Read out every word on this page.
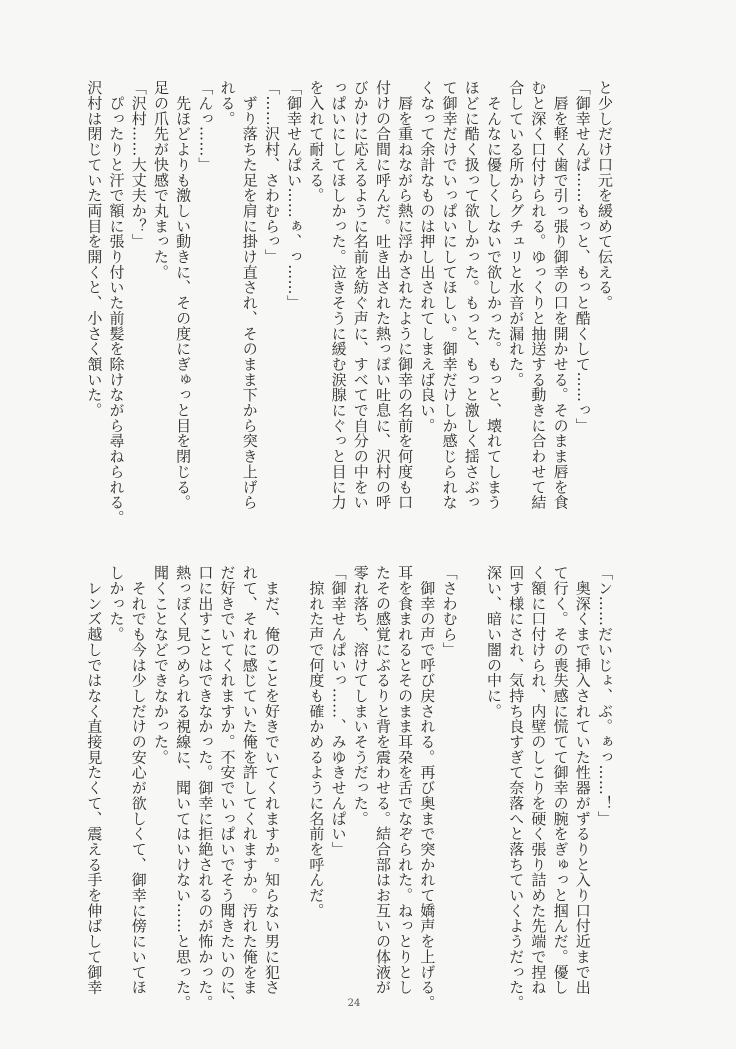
と少しだけ口元を緩めて伝える。
「御幸せんぱ……もっと、もっと酷くして……っ」
　唇を軽く歯で引っ張り御幸の口を開かせる。そのまま唇を食
むと深く口付けられる。ゆっくりと抽送する動きに合わせて結
合している所からグチュリと水音が漏れた。
　そんなに優しくしないで欲しかった。もっと、壊れてしまう
ほどに酷く扱って欲しかった。もっと、もっと激しく揺さぶっ
て御幸だけでいっぱいにしてほしい。御幸だけしか感じられな
くなって余計なものは押し出されてしまえば良い。
　唇を重ねながら熱に浮かされたように御幸の名前を何度も口
付けの合間に呼んだ。吐き出された熱っぽい吐息に、沢村の呼
びかけに応えるように名前を紡ぐ声に、すべてで自分の中をい
っぱいにしてほしかった。泣きそうに緩む涙腺にぐっと目に力
を入れて耐える。
「御幸せんぱい……ぁ、っ……」
「……沢村、さわむらっ」
　ずり落ちた足を肩に掛け直され、そのまま下から突き上げら
れる。
「んっ……」
　先ほどよりも激しい動きに、その度にぎゅっと目を閉じる。
足の爪先が快感で丸まった。
「沢村……大丈夫か？」
　ぴったりと汗で額に張り付いた前髪を除けながら尋ねられる。
沢村は閉じていた両目を開くと、小さく頷いた。
「ン……だいじょ、ぶ。ぁっ……！」
　奥深くまで挿入されていた性器がずるりと入り口付近まで出
て行く。その喪失感に慌てて御幸の腕をぎゅっと掴んだ。優し
く額に口付けられ、内壁のしこりを硬く張り詰めた先端で捏ね
回す様にされ、気持ち良すぎて奈落へと落ちていくようだった。
深い、暗い闇の中に。
「さわむら」
　御幸の声で呼び戻される。再び奥まで突かれて嬌声を上げる。
耳を食まれるとそのまま耳朶を舌でなぞられた。ねっとりとし
たその感覚にぶるりと背を震わせる。結合部はお互いの体液が
零れ落ち、溶けてしまいそうだった。
「御幸せんぱいっ……、みゆきせんぱい」
　掠れた声で何度も確かめるように名前を呼んだ。
　まだ、俺のことを好きでいてくれますか。知らない男に犯さ
れて、それに感じていた俺を許してくれますか。汚れた俺をま
だ好きでいてくれますか。不安でいっぱいでそう聞きたいのに、
口に出すことはできなかった。御幸に拒絶されるのが怖かった。
熱っぽく見つめられる視線に、聞いてはいけない……と思った。
聞くことなどできなかった。
　それでも今は少しだけの安心が欲しくて、御幸に傍にいてほ
しかった。
　レンズ越しではなく直接見たくて、震える手を伸ばして御幸
24
